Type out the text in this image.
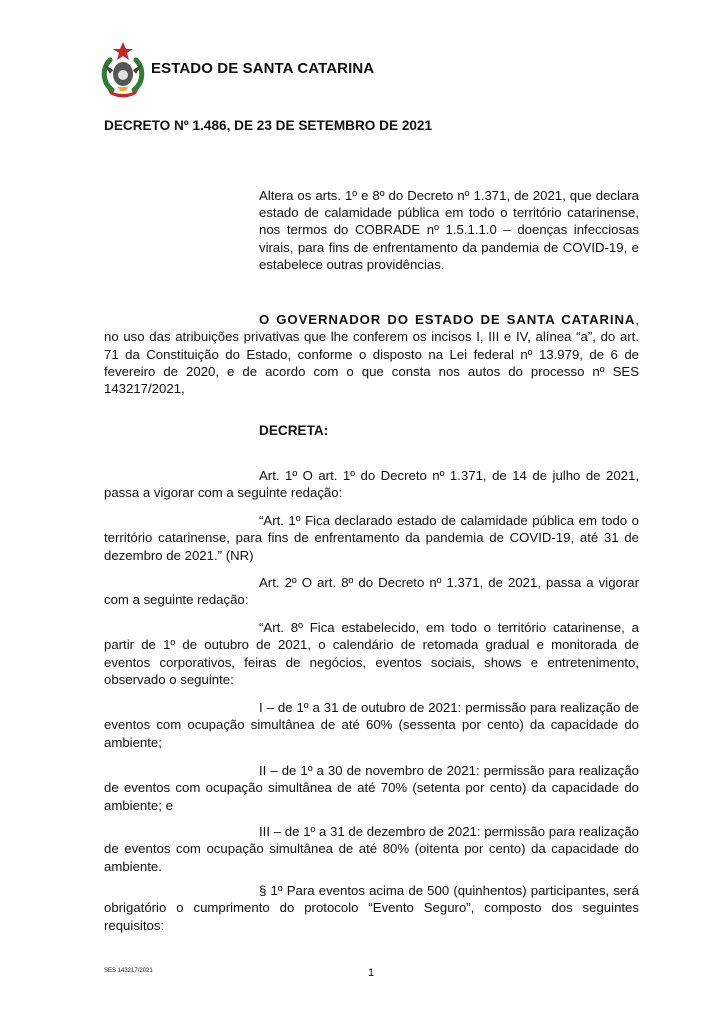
ESTADO DE SANTA CATARINA
DECRETO Nº 1.486, DE 23 DE SETEMBRO DE 2021
Altera os arts. 1º e 8º do Decreto nº 1.371, de 2021, que declara estado de calamidade pública em todo o território catarinense, nos termos do COBRADE nº 1.5.1.1.0 – doenças infecciosas virais, para fins de enfrentamento da pandemia de COVID-19, e estabelece outras providências.
O GOVERNADOR DO ESTADO DE SANTA CATARINA, no uso das atribuições privativas que lhe conferem os incisos I, III e IV, alínea “a”, do art. 71 da Constituição do Estado, conforme o disposto na Lei federal nº 13.979, de 6 de fevereiro de 2020, e de acordo com o que consta nos autos do processo nº SES 143217/2021,
DECRETA:
Art. 1º O art. 1º do Decreto nº 1.371, de 14 de julho de 2021, passa a vigorar com a seguinte redação:
“Art. 1º Fica declarado estado de calamidade pública em todo o território catarinense, para fins de enfrentamento da pandemia de COVID-19, até 31 de dezembro de 2021.” (NR)
Art. 2º O art. 8º do Decreto nº 1.371, de 2021, passa a vigorar com a seguinte redação:
“Art. 8º Fica estabelecido, em todo o território catarinense, a partir de 1º de outubro de 2021, o calendário de retomada gradual e monitorada de eventos corporativos, feiras de negócios, eventos sociais, shows e entretenimento, observado o seguinte:
I – de 1º a 31 de outubro de 2021: permissão para realização de eventos com ocupação simultânea de até 60% (sessenta por cento) da capacidade do ambiente;
II – de 1º a 30 de novembro de 2021: permissão para realização de eventos com ocupação simultânea de até 70% (setenta por cento) da capacidade do ambiente; e
III – de 1º a 31 de dezembro de 2021: permissão para realização de eventos com ocupação simultânea de até 80% (oitenta por cento) da capacidade do ambiente.
§ 1º Para eventos acima de 500 (quinhentos) participantes, será obrigatório o cumprimento do protocolo “Evento Seguro”, composto dos seguintes requisitos:
SES 143217/2021	1
